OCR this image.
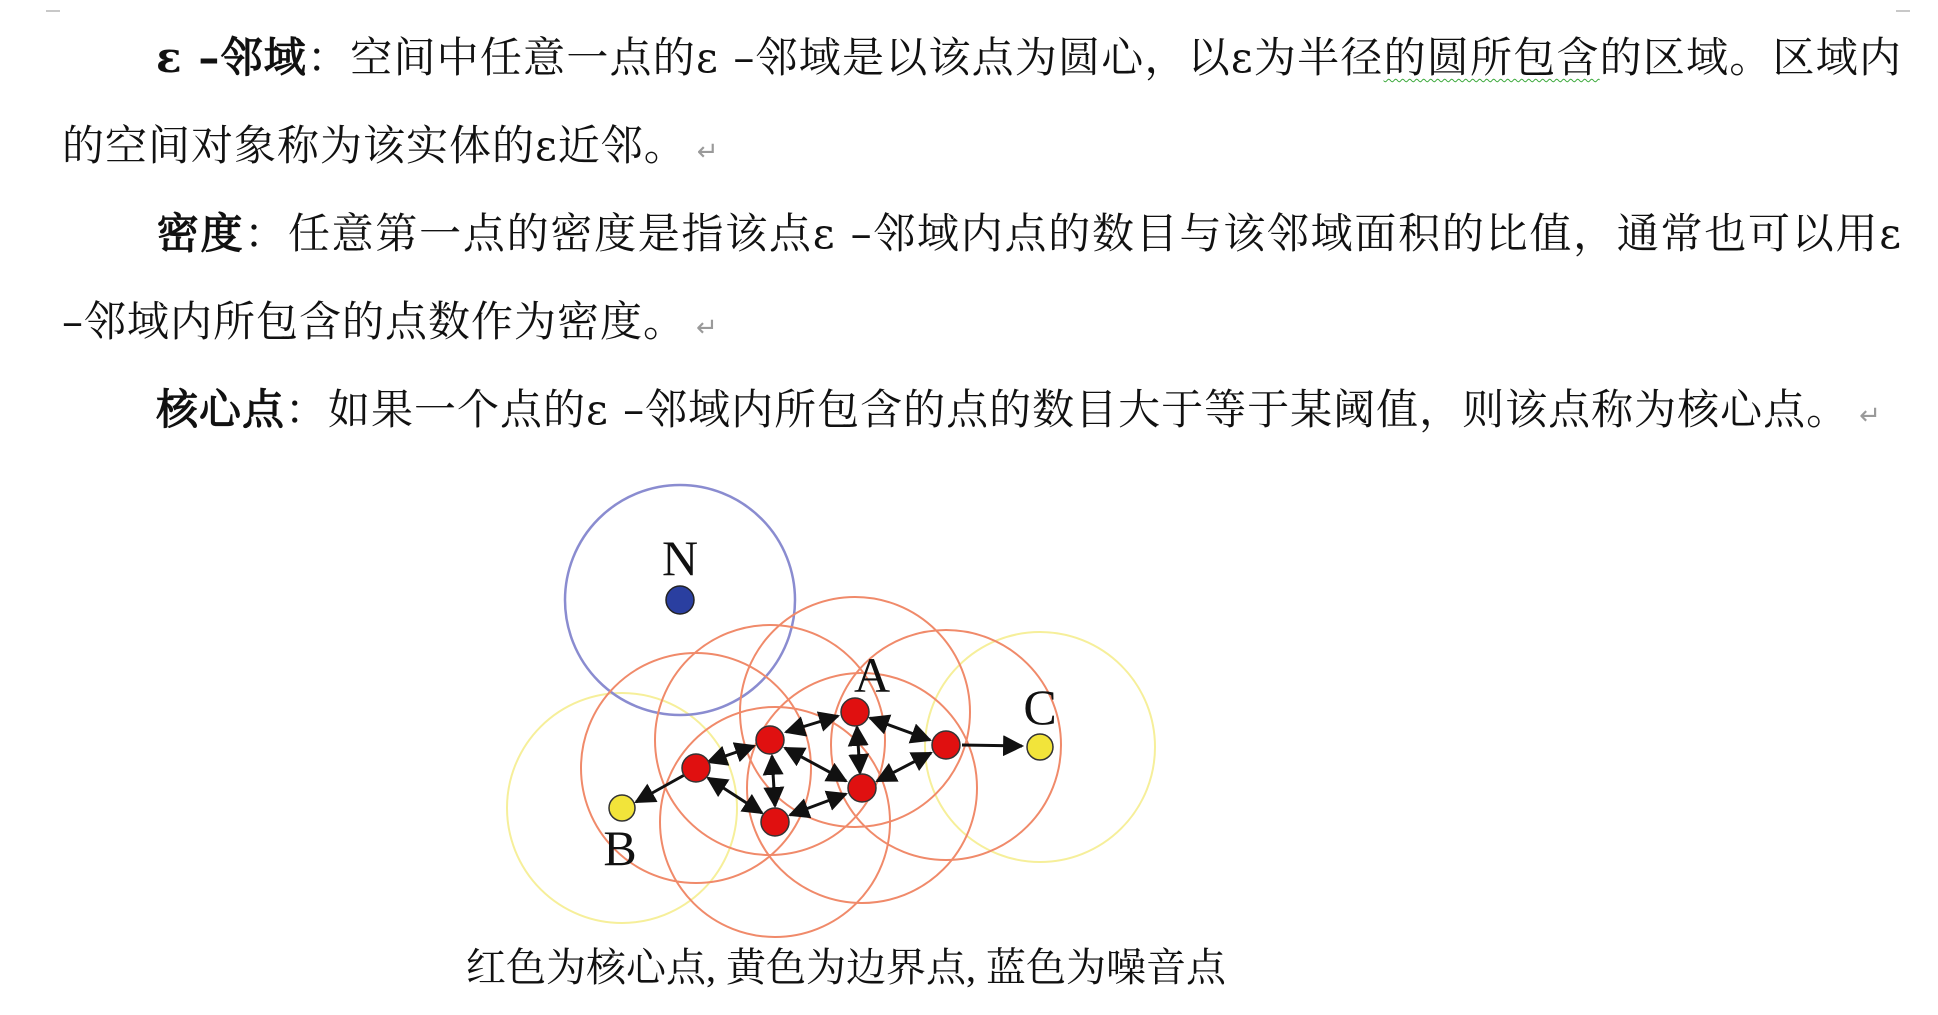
ε –邻域：空间中任意一点的ε –邻域是以该点为圆心，以ε为半径的圆所包含的区域。区域内的空间对象称为该实体的ε近邻。 ↵

密度：任意第一点的密度是指该点ε –邻域内点的数目与该邻域面积的比值，通常也可以用ε –邻域内所包含的点数作为密度。 ↵

核心点：如果一个点的ε –邻域内所包含的点的数目大于等于某阈值，则该点称为核心点。 ↵

N
A
B
C
红色为核心点, 黄色为边界点, 蓝色为噪音点
